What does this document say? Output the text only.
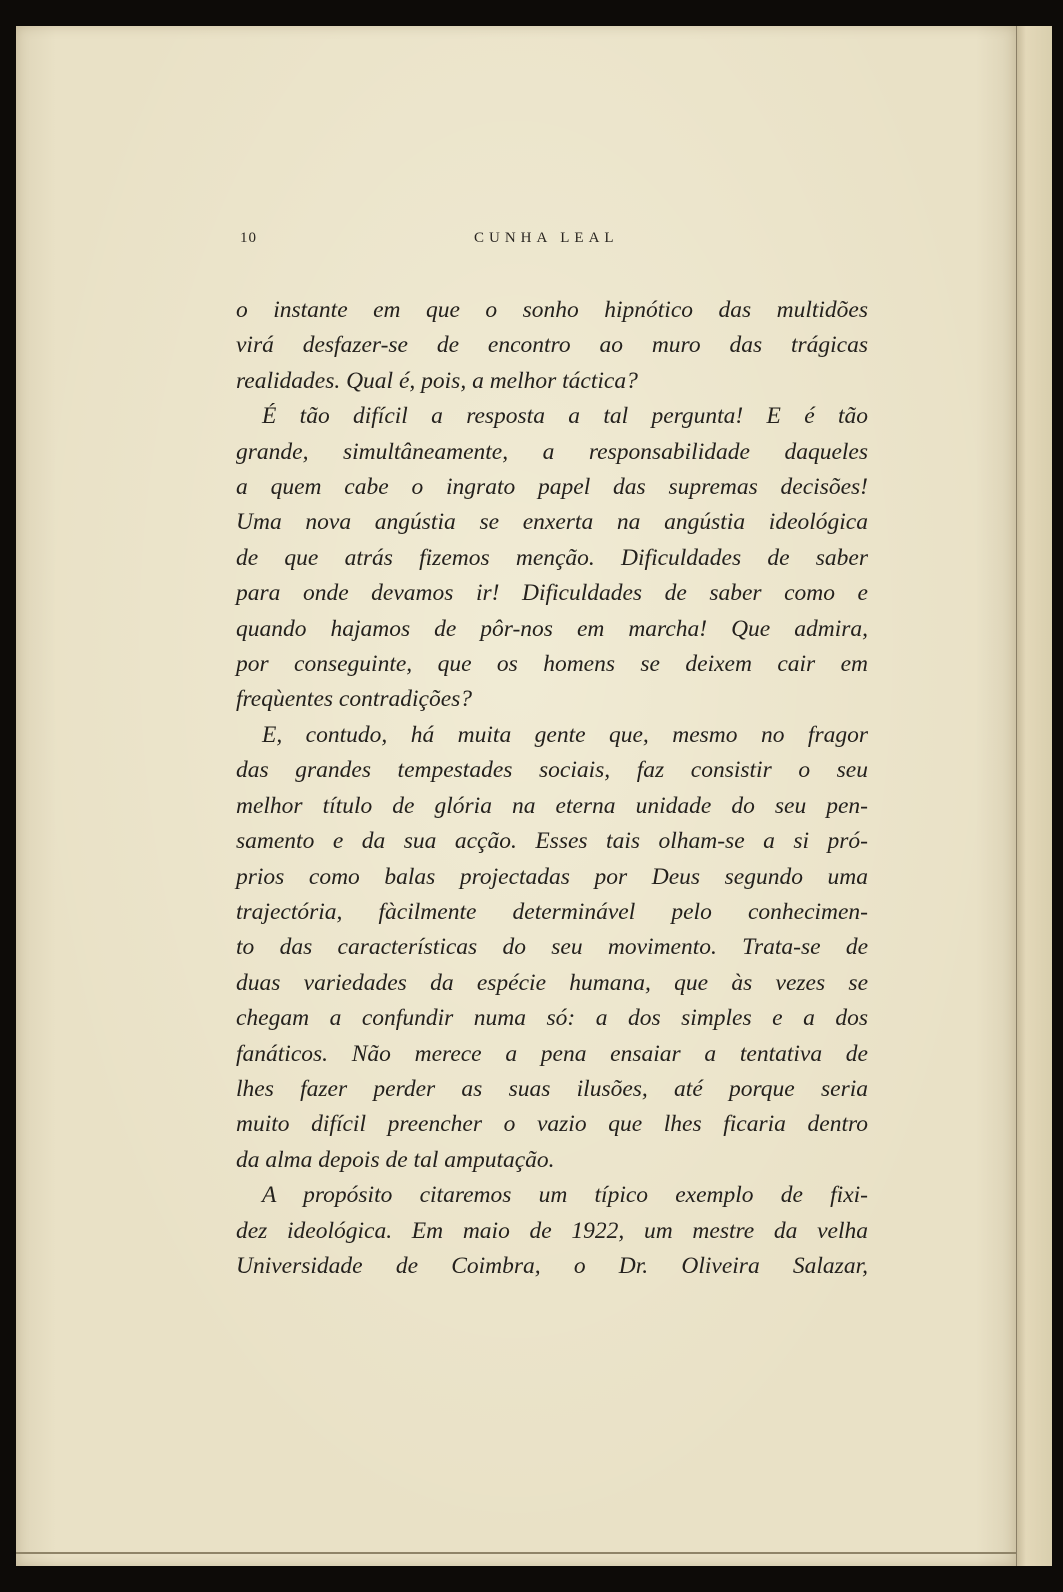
10	CUNHA LEAL
o instante em que o sonho hipnótico das multidões
virá desfazer-se de encontro ao muro das trágicas
realidades. Qual é, pois, a melhor táctica?
É tão difícil a resposta a tal pergunta! E é tão
grande, simultâneamente, a responsabilidade daqueles
a quem cabe o ingrato papel das supremas decisões!
Uma nova angústia se enxerta na angústia ideológica
de que atrás fizemos menção. Dificuldades de saber
para onde devamos ir! Dificuldades de saber como e
quando hajamos de pôr-nos em marcha! Que admira,
por conseguinte, que os homens se deixem cair em
freqùentes contradições?
E, contudo, há muita gente que, mesmo no fragor
das grandes tempestades sociais, faz consistir o seu
melhor título de glória na eterna unidade do seu pen-
samento e da sua acção. Esses tais olham-se a si pró-
prios como balas projectadas por Deus segundo uma
trajectória, fàcilmente determinável pelo conhecimen-
to das características do seu movimento. Trata-se de
duas variedades da espécie humana, que às vezes se
chegam a confundir numa só: a dos simples e a dos
fanáticos. Não merece a pena ensaiar a tentativa de
lhes fazer perder as suas ilusões, até porque seria
muito difícil preencher o vazio que lhes ficaria dentro
da alma depois de tal amputação.
A propósito citaremos um típico exemplo de fixi-
dez ideológica. Em maio de 1922, um mestre da velha
Universidade de Coimbra, o Dr. Oliveira Salazar,
